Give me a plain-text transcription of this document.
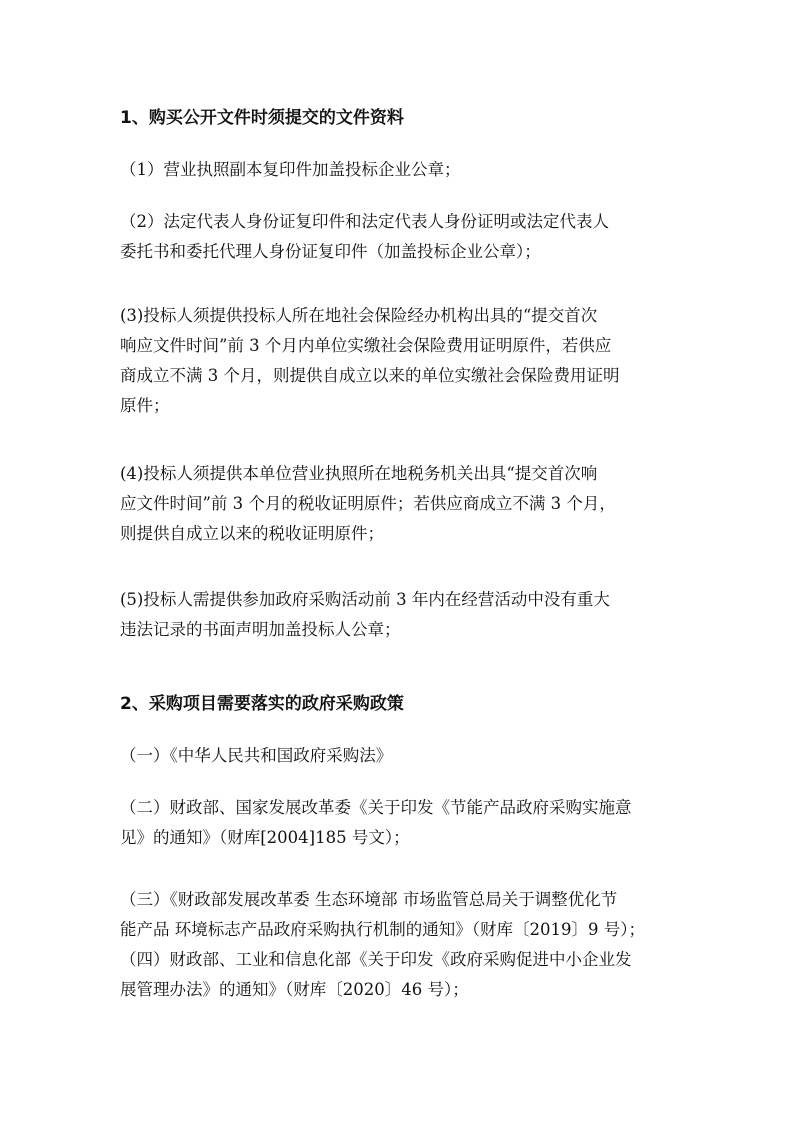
1、购买公开文件时须提交的文件资料
（1）营业执照副本复印件加盖投标企业公章；
（2）法定代表人身份证复印件和法定代表人身份证明或法定代表人
委托书和委托代理人身份证复印件（加盖投标企业公章）；
(3)投标人须提供投标人所在地社会保险经办机构出具的“提交首次
响应文件时间”前 3 个月内单位实缴社会保险费用证明原件，若供应
商成立不满 3 个月，则提供自成立以来的单位实缴社会保险费用证明
原件；
(4)投标人须提供本单位营业执照所在地税务机关出具“提交首次响
应文件时间”前 3 个月的税收证明原件；若供应商成立不满 3 个月，
则提供自成立以来的税收证明原件；
(5)投标人需提供参加政府采购活动前 3 年内在经营活动中没有重大
违法记录的书面声明加盖投标人公章；
2、采购项目需要落实的政府采购政策
（一）《中华人民共和国政府采购法》
（二）财政部、国家发展改革委《关于印发《节能产品政府采购实施意
见》的通知》（财库[2004]185 号文）；
（三）《财政部发展改革委 生态环境部 市场监管总局关于调整优化节
能产品 环境标志产品政府采购执行机制的通知》（财库〔2019〕9 号）；
（四）财政部、工业和信息化部《关于印发《政府采购促进中小企业发
展管理办法》的通知》（财库〔2020〕46 号）；
